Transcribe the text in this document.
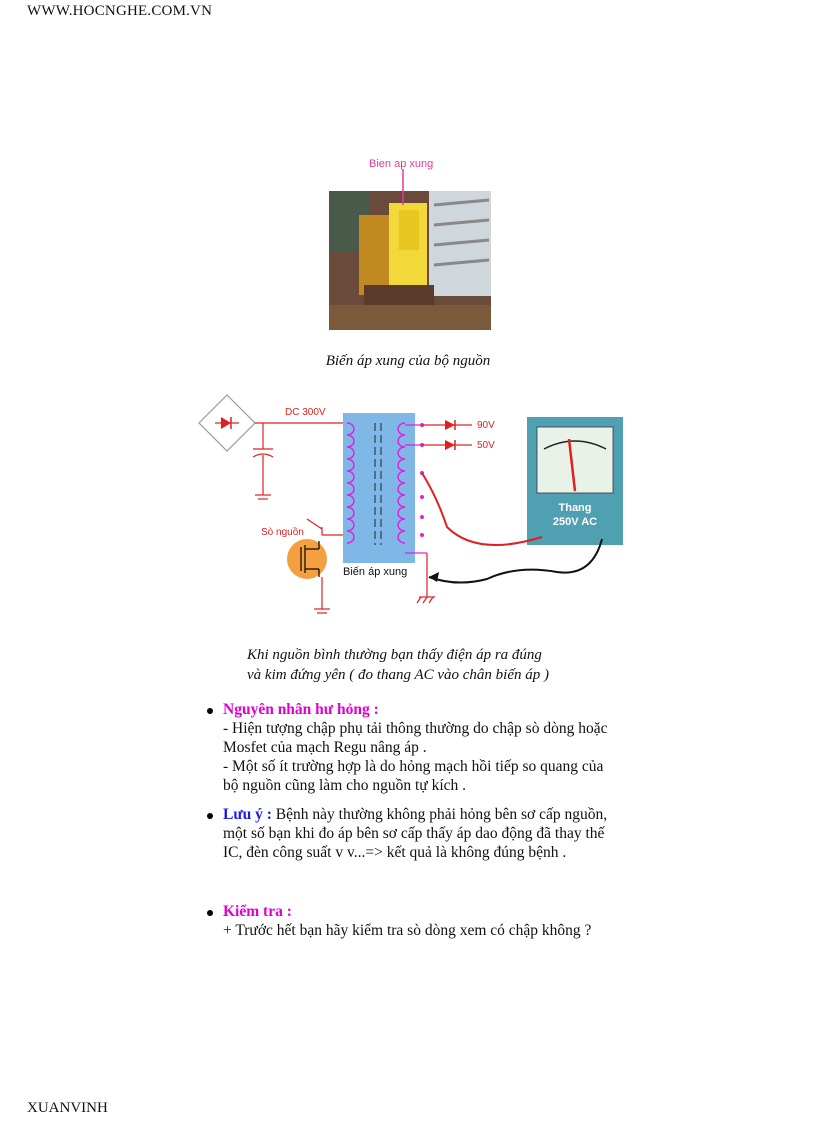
WWW.HOCNGHE.COM.VN
Bien ap xung
Biến áp xung của bộ nguồn
DC 300V
Biến áp xung
90V
50V
Thang
250V AC
Sò nguồn
Khi nguồn bình thường bạn thấy điện áp ra đúng
và kim đứng yên ( đo thang AC vào chân biến áp )
Nguyên nhân hư hỏng :
- Hiện tượng chập phụ tải thông thường do chập sò dòng hoặc
Mosfet của mạch Regu nâng áp .
- Một số ít trường hợp là do hỏng mạch hồi tiếp so quang của
bộ nguồn cũng làm cho nguồn tự kích .
Lưu ý : Bệnh này thường không phải hỏng bên sơ cấp nguồn,
một số bạn khi đo áp bên sơ cấp thấy áp dao động đã thay thế
IC, đèn công suất v v...=> kết quả là không đúng bệnh .
Kiểm tra :
+ Trước hết bạn hãy kiểm tra sò dòng xem có chập không ?
XUANVINH
